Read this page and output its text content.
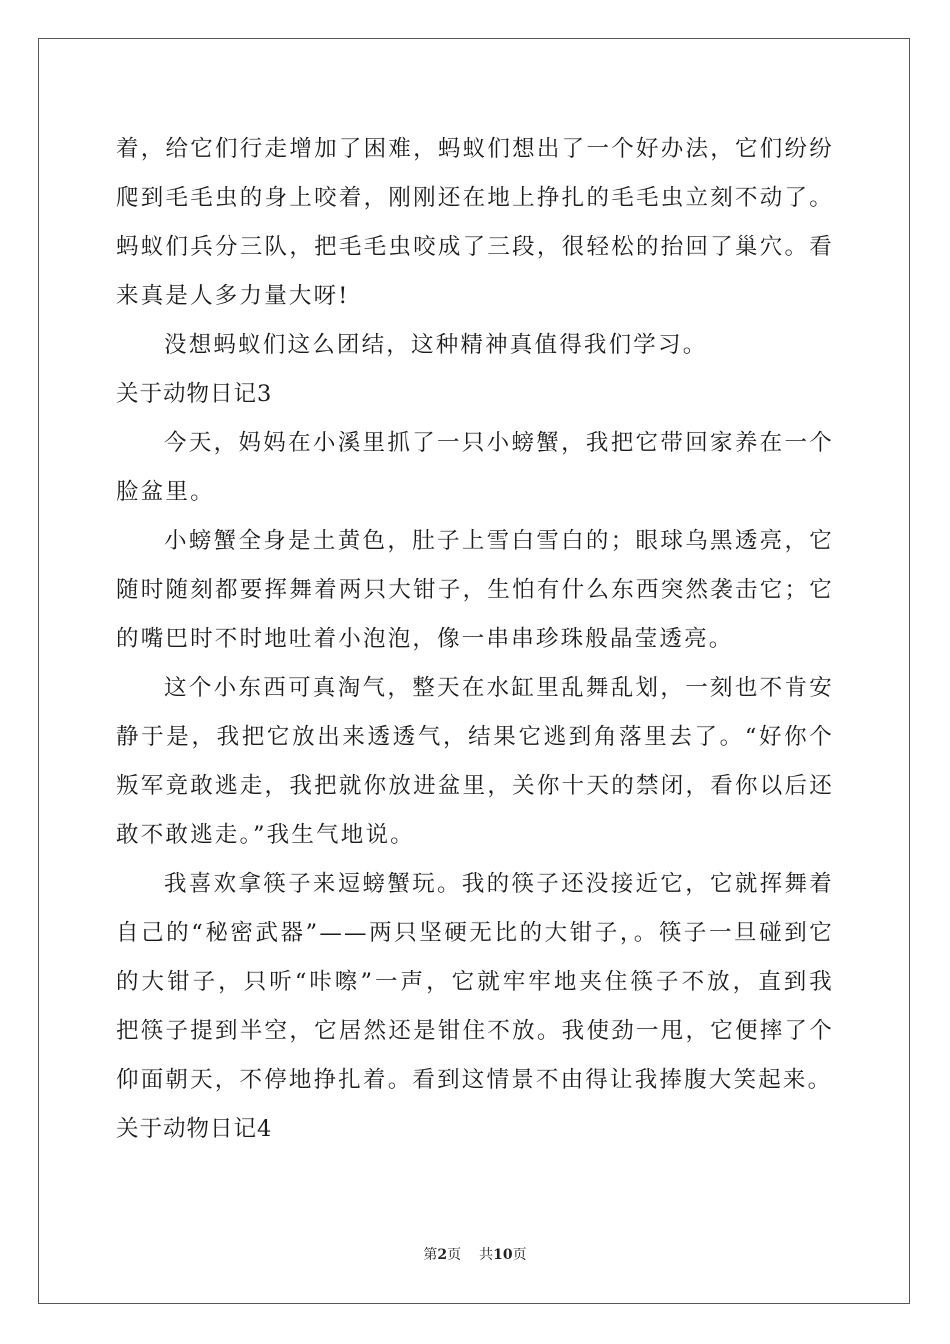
着，给它们行走增加了困难，蚂蚁们想出了一个好办法，它们纷纷爬到毛毛虫的身上咬着，刚刚还在地上挣扎的毛毛虫立刻不动了。蚂蚁们兵分三队，把毛毛虫咬成了三段，很轻松的抬回了巢穴。看来真是人多力量大呀!

没想蚂蚁们这么团结，这种精神真值得我们学习。

关于动物日记3

今天，妈妈在小溪里抓了一只小螃蟹，我把它带回家养在一个脸盆里。

小螃蟹全身是土黄色，肚子上雪白雪白的；眼球乌黑透亮，它随时随刻都要挥舞着两只大钳子，生怕有什么东西突然袭击它；它的嘴巴时不时地吐着小泡泡，像一串串珍珠般晶莹透亮。

这个小东西可真淘气，整天在水缸里乱舞乱划，一刻也不肯安静于是，我把它放出来透透气，结果它逃到角落里去了。“好你个叛军竟敢逃走，我把就你放进盆里，关你十天的禁闭，看你以后还敢不敢逃走。”我生气地说。

我喜欢拿筷子来逗螃蟹玩。我的筷子还没接近它，它就挥舞着自己的“秘密武器”——两只坚硬无比的大钳子，。筷子一旦碰到它的大钳子，只听“咔嚓”一声，它就牢牢地夹住筷子不放，直到我把筷子提到半空，它居然还是钳住不放。我使劲一甩，它便摔了个仰面朝天，不停地挣扎着。看到这情景不由得让我捧腹大笑起来。

关于动物日记4

第2页 共10页
